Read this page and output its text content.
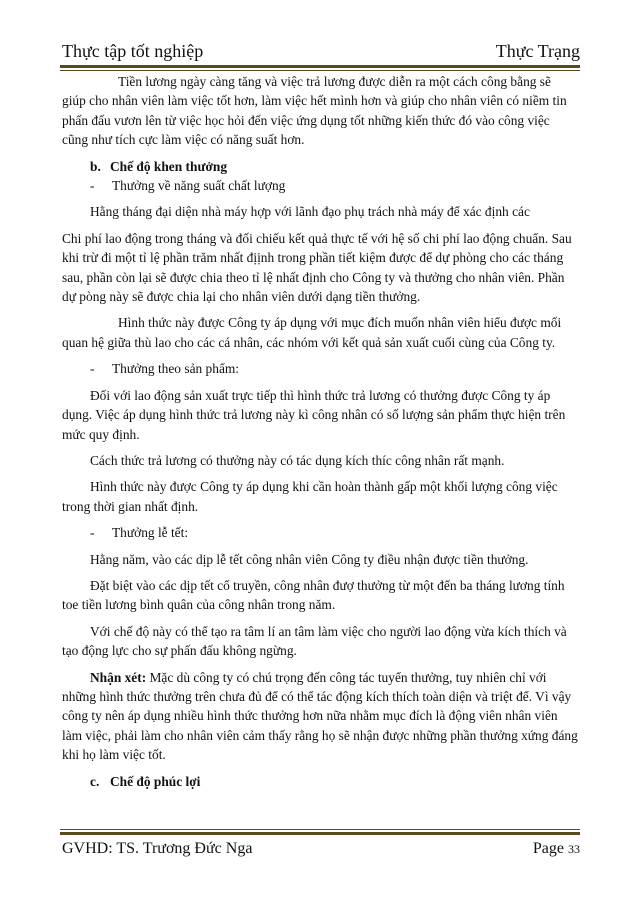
Thực tập tốt nghiệp	Thực Trạng

Tiền lương ngày càng tăng và việc trả lương được diễn ra một cách công bằng sẽ giúp cho nhân viên làm việc tốt hơn, làm việc hết mình hơn và giúp cho nhân viên có niềm tin phấn đấu vươn lên từ việc học hỏi đến việc ứng dụng tốt những kiến thức đó vào công việc cũng như tích cực làm việc có năng suất hơn.

b. Chế độ khen thưởng

- Thưởng về năng suất chất lượng

Hằng tháng đại diện nhà máy hợp với lãnh đạo phụ trách nhà máy để xác định các

Chi phí lao động trong tháng và đối chiếu kết quả thực tế với hệ số chi phí lao động chuẩn. Sau khi trừ đi một tỉ lệ phần trăm nhất địịnh trong phần tiết kiệm được để dự phòng cho các tháng sau, phần còn lại sẽ được chia theo tỉ lệ nhất định cho Công ty và thưởng cho nhân viên. Phần dự pòng này sẽ được chia lại cho nhân viên dưới dạng tiền thưởng.

Hình thức này được Công ty áp dụng với mục đích muốn nhân viên hiểu được mối quan hệ giữa thù lao cho các cá nhân, các nhóm với kết quả sản xuất cuối cùng của Công ty.

- Thưởng theo sản phẩm:

Đối với lao động sản xuất trực tiếp thì hình thức trả lương có thưởng được Công ty áp dụng. Việc áp dụng hình thức trả lương này kì công nhân có số lượng sản phẩm thực hiện trên mức quy định.

Cách thức trả lương có thưởng này có tác dụng kích thíc công nhân rất mạnh.

Hình thức này được Công ty áp dụng khi cần hoàn thành gấp một khối lượng công việc trong thời gian nhất định.

- Thưởng lễ tết:

Hằng năm, vào các dịp lễ tết công nhân viên Công ty điều nhận được tiền thưởng.

Đặt biệt vào các dịp tết cổ truyền, công nhân đượ thưởng từ một đến ba tháng lương tính toe tiền lương bình quân của công nhân trong năm.

Với chế độ này có thể tạo ra tâm lí an tâm làm việc cho người lao động vừa kích thích và tạo động lực cho sự phấn đấu không ngừng.

Nhận xét: Mặc dù công ty có chú trọng đến công tác tuyển thưởng, tuy nhiên chỉ với những hình thức thưởng trên chưa đủ để có thể tác động kích thích toàn diện và triệt để. Vì vậy công ty nên áp dụng nhiều hình thức thưởng hơn nữa nhằm mục đích là động viên nhân viên làm việc, phải làm cho nhân viên cảm thấy rằng họ sẽ nhận được những phần thưởng xứng đáng khi họ làm việc tốt.

c. Chế độ phúc lợi

GVHD: TS. Trương Đức Nga	Page 33
